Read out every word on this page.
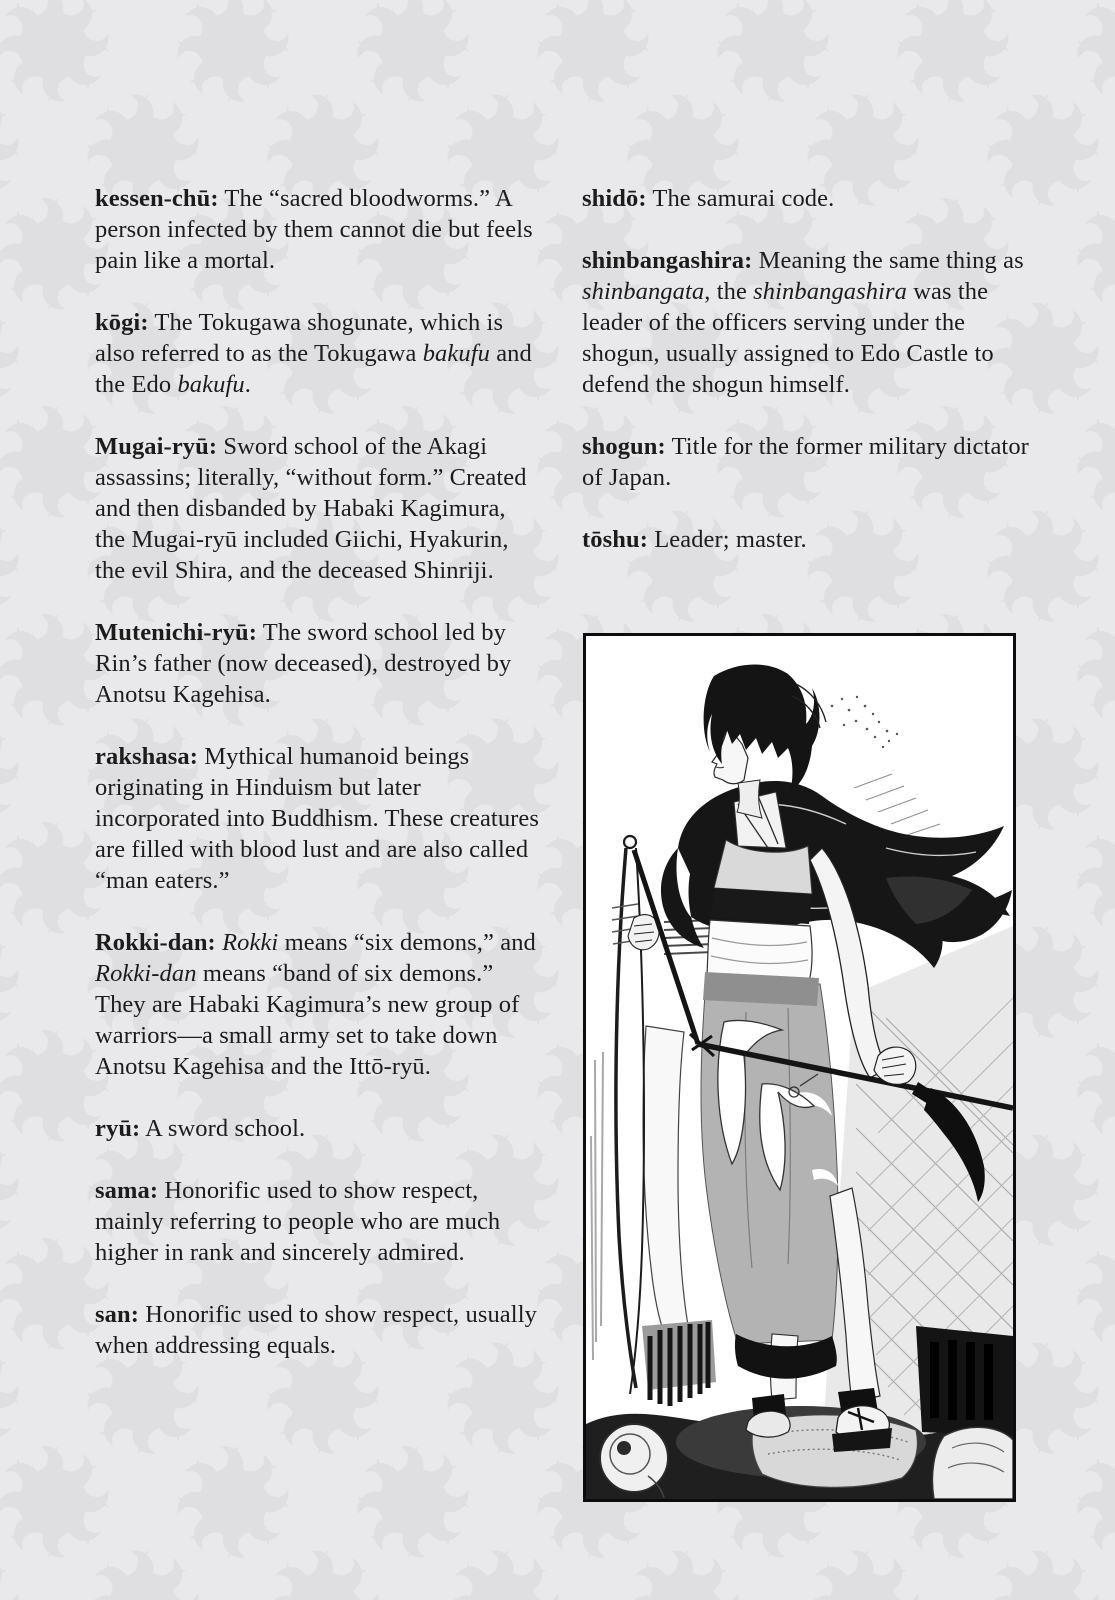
kessen-chū: The “sacred bloodworms.” A person infected by them cannot die but feels pain like a mortal.

kōgi: The Tokugawa shogunate, which is also referred to as the Tokugawa bakufu and the Edo bakufu.

Mugai-ryū: Sword school of the Akagi assassins; literally, “without form.” Created and then disbanded by Habaki Kagimura, the Mugai-ryū included Giichi, Hyakurin, the evil Shira, and the deceased Shinriji.

Mutenichi-ryū: The sword school led by Rin’s father (now deceased), destroyed by Anotsu Kagehisa.

rakshasa: Mythical humanoid beings originating in Hinduism but later incorporated into Buddhism. These creatures are filled with blood lust and are also called “man eaters.”

Rokki-dan: Rokki means “six demons,” and Rokki-dan means “band of six demons.” They are Habaki Kagimura’s new group of warriors—a small army set to take down Anotsu Kagehisa and the Ittō-ryū.

ryū: A sword school.

sama: Honorific used to show respect, mainly referring to people who are much higher in rank and sincerely admired.

san: Honorific used to show respect, usually when addressing equals.

shidō: The samurai code.

shinbangashira: Meaning the same thing as shinbangata, the shinbangashira was the leader of the officers serving under the shogun, usually assigned to Edo Castle to defend the shogun himself.

shogun: Title for the former military dictator of Japan.

tōshu: Leader; master.
